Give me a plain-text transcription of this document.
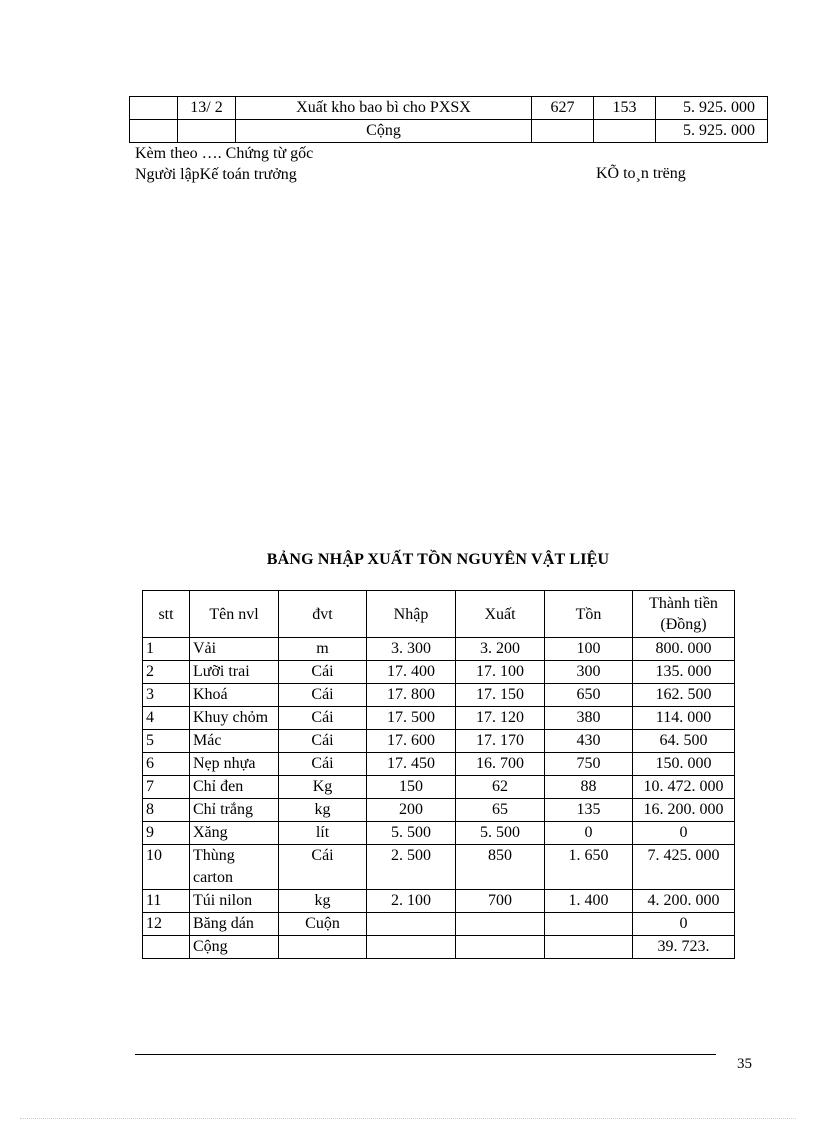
	13/ 2	Xuất kho bao bì cho PXSX	627	153	5. 925. 000
		Cộng			5. 925. 000
Kèm theo …. Chứng từ gốc
Người lậpKế toán trưởng	KÕ to¸n trëng
BẢNG NHẬP XUẤT TỒN NGUYÊN VẬT LIỆU
stt	Tên nvl	đvt	Nhập	Xuất	Tồn	Thành tiền (Đồng)
1	Vải	m	3. 300	3. 200	100	800. 000
2	Lưỡi trai	Cái	17. 400	17. 100	300	135. 000
3	Khoá	Cái	17. 800	17. 150	650	162. 500
4	Khuy chỏm	Cái	17. 500	17. 120	380	114. 000
5	Mác	Cái	17. 600	17. 170	430	64. 500
6	Nẹp nhựa	Cái	17. 450	16. 700	750	150. 000
7	Chỉ đen	Kg	150	62	88	10. 472. 000
8	Chỉ trắng	kg	200	65	135	16. 200. 000
9	Xăng	lít	5. 500	5. 500	0	0
10	Thùng carton	Cái	2. 500	850	1. 650	7. 425. 000
11	Túi nilon	kg	2. 100	700	1. 400	4. 200. 000
12	Băng dán	Cuộn				0
	Cộng					39. 723.
35
